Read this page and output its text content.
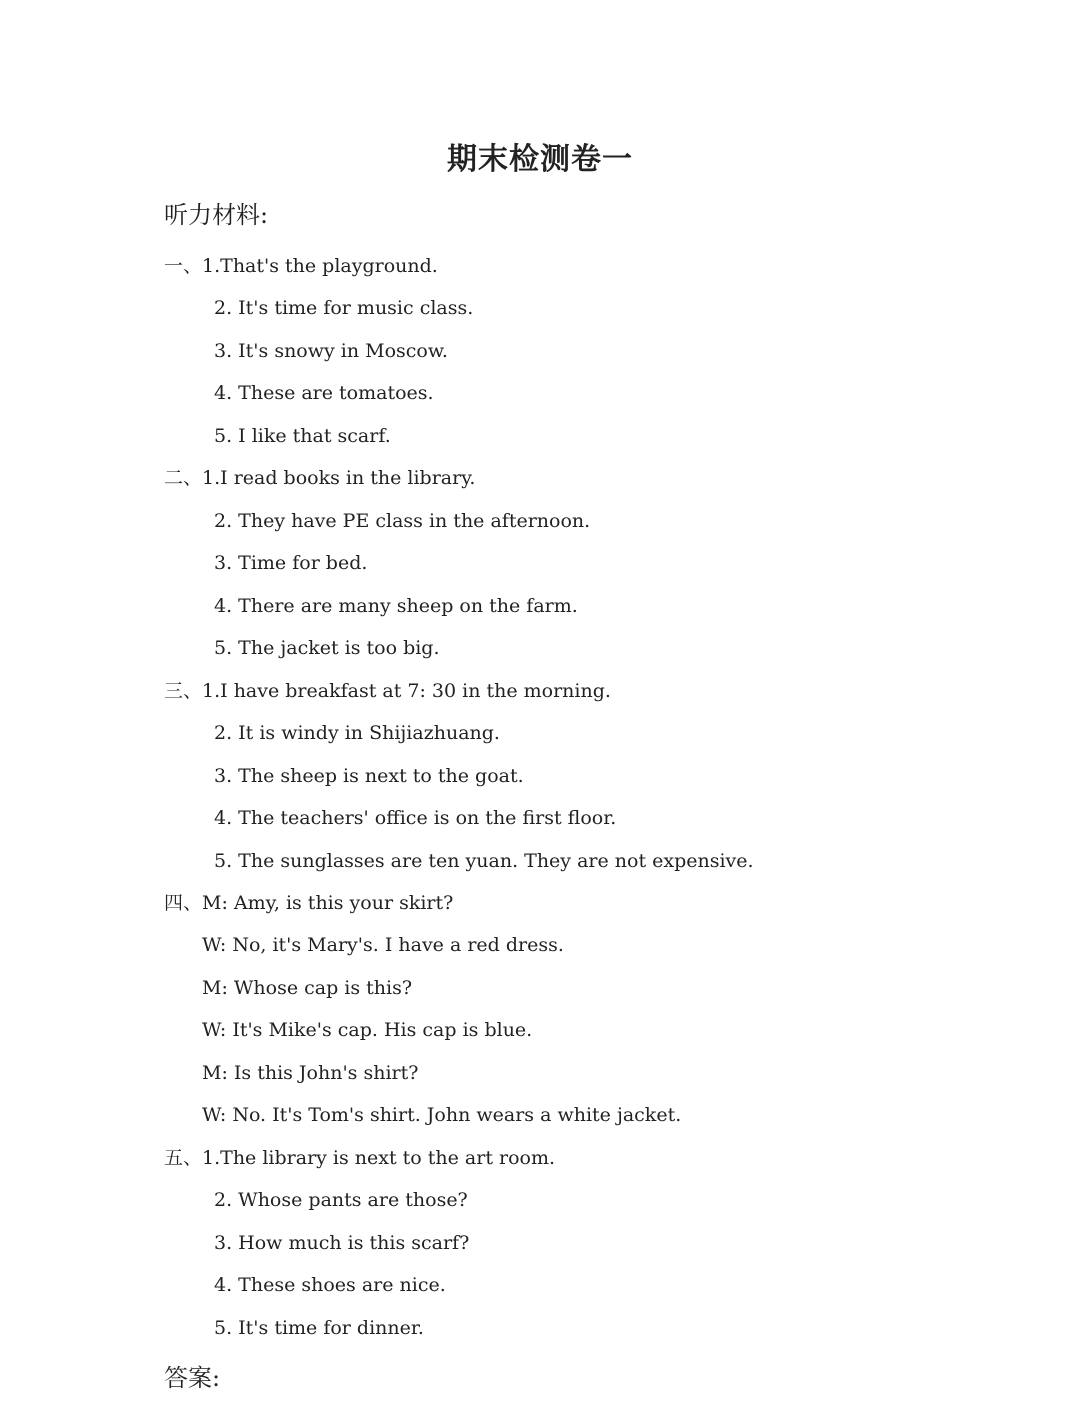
期末检测卷一
听力材料:
一、1.That's the playground.
2. It's time for music class.
3. It's snowy in Moscow.
4. These are tomatoes.
5. I like that scarf.
二、1.I read books in the library.
2. They have PE class in the afternoon.
3. Time for bed.
4. There are many sheep on the farm.
5. The jacket is too big.
三、1.I have breakfast at 7: 30 in the morning.
2. It is windy in Shijiazhuang.
3. The sheep is next to the goat.
4. The teachers' office is on the first floor.
5. The sunglasses are ten yuan. They are not expensive.
四、M: Amy, is this your skirt?
W: No, it's Mary's. I have a red dress.
M: Whose cap is this?
W: It's Mike's cap. His cap is blue.
M: Is this John's shirt?
W: No. It's Tom's shirt. John wears a white jacket.
五、1.The library is next to the art room.
2. Whose pants are those?
3. How much is this scarf?
4. These shoes are nice.
5. It's time for dinner.
答案:
